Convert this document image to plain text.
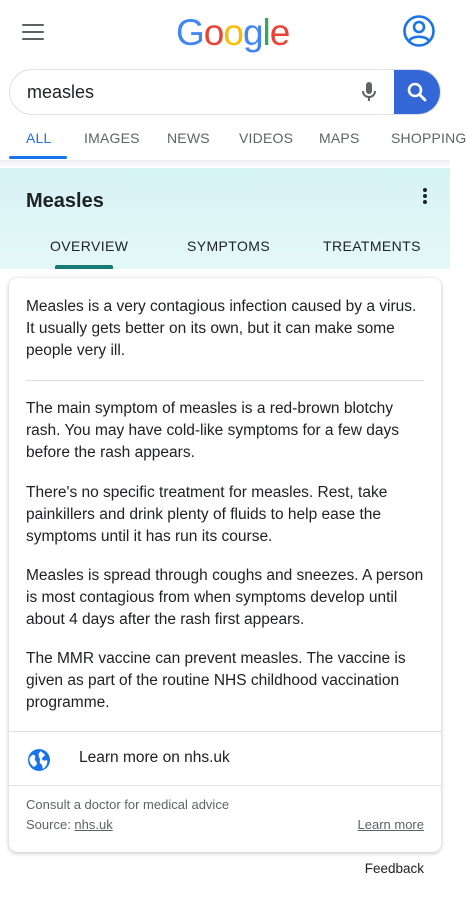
Google
measles
ALL IMAGES NEWS VIDEOS MAPS SHOPPING
Measles
OVERVIEW	SYMPTOMS	TREATMENTS
Measles is a very contagious infection caused by a virus. It usually gets better on its own, but it can make some people very ill.
The main symptom of measles is a red-brown blotchy rash. You may have cold-like symptoms for a few days before the rash appears.
There's no specific treatment for measles. Rest, take painkillers and drink plenty of fluids to help ease the symptoms until it has run its course.
Measles is spread through coughs and sneezes. A person is most contagious from when symptoms develop until about 4 days after the rash first appears.
The MMR vaccine can prevent measles. The vaccine is given as part of the routine NHS childhood vaccination programme.
Learn more on nhs.uk
Consult a doctor for medical advice
Source: nhs.uk	Learn more
Feedback
